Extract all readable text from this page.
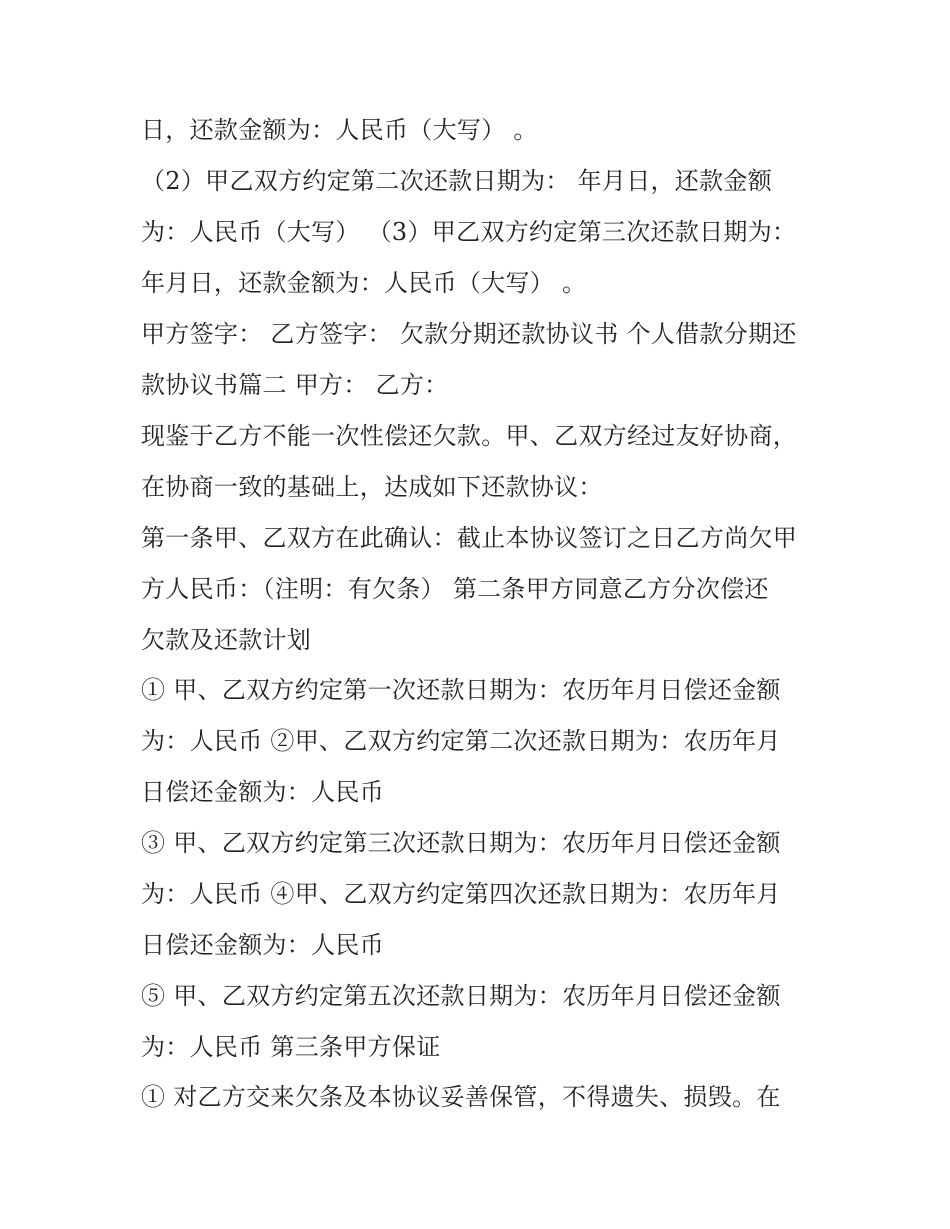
日，还款金额为：人民币（大写） 。
（2）甲乙双方约定第二次还款日期为： 年月日，还款金额
为：人民币（大写） （3）甲乙双方约定第三次还款日期为：
年月日，还款金额为：人民币（大写） 。
甲方签字： 乙方签字： 欠款分期还款协议书 个人借款分期还
款协议书篇二 甲方： 乙方：
现鉴于乙方不能一次性偿还欠款。甲、乙双方经过友好协商，
在协商一致的基础上，达成如下还款协议：
第一条甲、乙双方在此确认：截止本协议签订之日乙方尚欠甲
方人民币：（注明：有欠条） 第二条甲方同意乙方分次偿还
欠款及还款计划
① 甲、乙双方约定第一次还款日期为：农历年月日偿还金额
为：人民币 ②甲、乙双方约定第二次还款日期为：农历年月
日偿还金额为：人民币
③ 甲、乙双方约定第三次还款日期为：农历年月日偿还金额
为：人民币 ④甲、乙双方约定第四次还款日期为：农历年月
日偿还金额为：人民币
⑤ 甲、乙双方约定第五次还款日期为：农历年月日偿还金额
为：人民币 第三条甲方保证
① 对乙方交来欠条及本协议妥善保管，不得遗失、损毁。在
